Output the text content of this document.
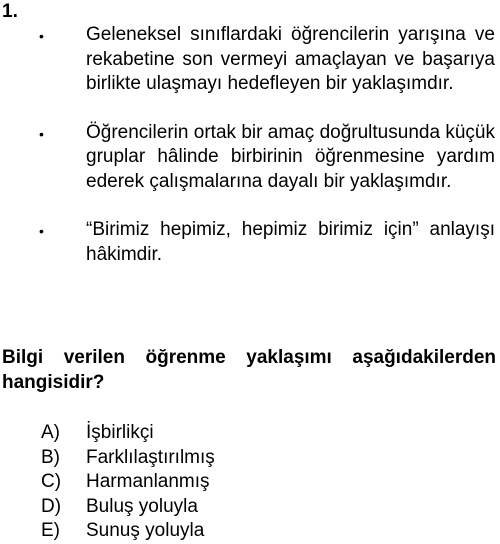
1.
• Geleneksel sınıflardaki öğrencilerin yarışına ve rekabetine son vermeyi amaçlayan ve başarıya birlikte ulaşmayı hedefleyen bir yaklaşımdır.
• Öğrencilerin ortak bir amaç doğrultusunda küçük gruplar hâlinde birbirinin öğrenmesine yardım ederek çalışmalarına dayalı bir yaklaşımdır.
• “Birimiz hepimiz, hepimiz birimiz için” anlayışı hâkimdir.
Bilgi verilen öğrenme yaklaşımı aşağıdakilerden hangisidir?
A) İşbirlikçi
B) Farklılaştırılmış
C) Harmanlanmış
D) Buluş yoluyla
E) Sunuş yoluyla
